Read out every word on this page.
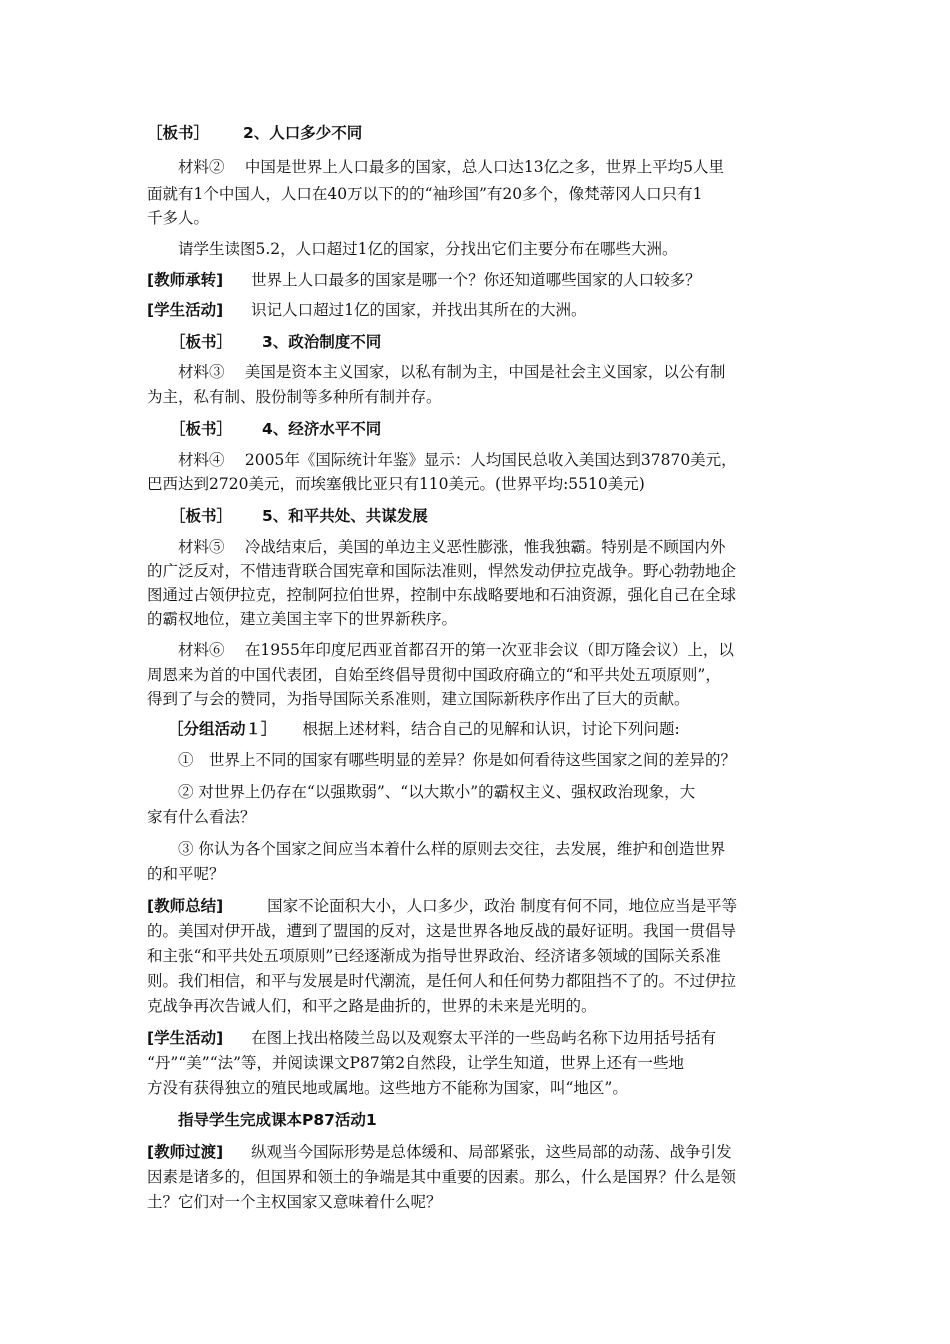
［板书］ 2、人口多少不同
材料②　 中国是世界上人口最多的国家，总人口达13亿之多，世界上平均5人里
面就有1个中国人，人口在40万以下的的“袖珍国”有20多个，像梵蒂冈人口只有1
千多人。
请学生读图5.2，人口超过1亿的国家，分找出它们主要分布在哪些大洲。
[教师承转] 世界上人口最多的国家是哪一个？你还知道哪些国家的人口较多？
[学生活动] 识记人口超过1亿的国家，并找出其所在的大洲。
［板书］ 3、政治制度不同
材料③　 美国是资本主义国家，以私有制为主，中国是社会主义国家，以公有制
为主，私有制、股份制等多种所有制并存。
［板书］ 4、经济水平不同
材料④　 2005年《国际统计年鉴》显示：人均国民总收入美国达到37870美元，
巴西达到2720美元，而埃塞俄比亚只有110美元。(世界平均:5510美元)
［板书］ 5、和平共处、共谋发展
材料⑤　 冷战结束后，美国的单边主义恶性膨涨，惟我独霸。特别是不顾国内外
的广泛反对，不惜违背联合国宪章和国际法准则，悍然发动伊拉克战争。野心勃勃地企
图通过占领伊拉克，控制阿拉伯世界，控制中东战略要地和石油资源，强化自己在全球
的霸权地位，建立美国主宰下的世界新秩序。
材料⑥　 在1955年印度尼西亚首都召开的第一次亚非会议（即万隆会议）上，以
周恩来为首的中国代表团，自始至终倡导贯彻中国政府确立的“和平共处五项原则”，
得到了与会的赞同，为指导国际关系准则，建立国际新秩序作出了巨大的贡献。
［分组活动１］ 根据上述材料，结合自己的见解和认识，讨论下列问题:
①　世界上不同的国家有哪些明显的差异？你是如何看待这些国家之间的差异的？
② 对世界上仍存在“以强欺弱”、“以大欺小”的霸权主义、强权政治现象，大
家有什么看法？
③ 你认为各个国家之间应当本着什么样的原则去交往，去发展，维护和创造世界
的和平呢？
[教师总结]	国家不论面积大小，人口多少，政治 制度有何不同，地位应当是平等
的。美国对伊开战，遭到了盟国的反对，这是世界各地反战的最好证明。我国一贯倡导
和主张“和平共处五项原则”已经逐渐成为指导世界政治、经济诸多领域的国际关系准
则。我们相信，和平与发展是时代潮流，是任何人和任何势力都阻挡不了的。不过伊拉
克战争再次告诫人们，和平之路是曲折的，世界的未来是光明的。
[学生活动] 在图上找出格陵兰岛以及观察太平洋的一些岛屿名称下边用括号括有
“丹”“美”“法”等，并阅读课文P87第2自然段，让学生知道，世界上还有一些地
方没有获得独立的殖民地或属地。这些地方不能称为国家，叫“地区”。
指导学生完成课本P87活动1
[教师过渡] 纵观当今国际形势是总体缓和、局部紧张，这些局部的动荡、战争引发
因素是诸多的，但国界和领土的争端是其中重要的因素。那么，什么是国界？什么是领
土？它们对一个主权国家又意味着什么呢？
